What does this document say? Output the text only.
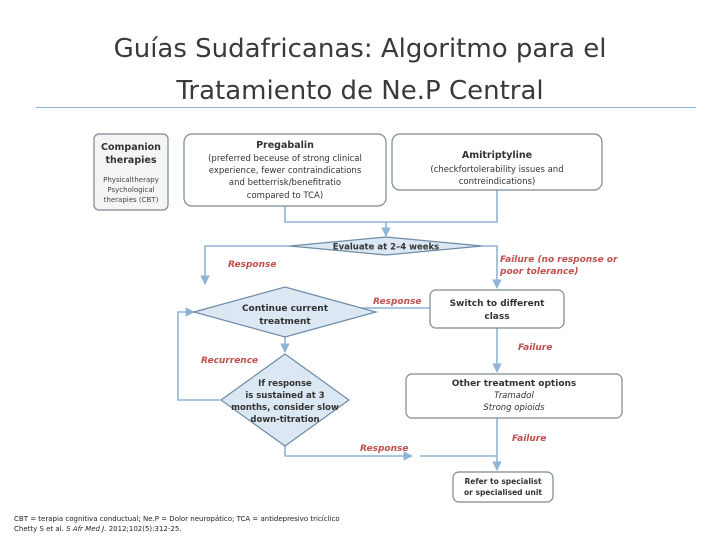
Guías Sudafricanas: Algoritmo para el
Tratamiento de Ne.P Central
Companion
therapies
Physicaltherapy
Psychological
therapies (CBT)
Pregabalin
(preferred beceuse of strong clinical
experience, fewer contraindications
and betterrisk/benefitratio
compared to TCA)
Amitriptyline
(checkfortolerability issues and
contreindications)
Evaluate at 2–4 weeks
Continue current
treatment
Switch to different
class
If response
is sustained at 3
months, consider slow
down-titration
Other treatment options
Tramadol
Strong opioids
Refer to specialist
or specialised unit
Response	Failure (no response or
poor tolerance)
Response
Failure
Recurrence
Failure
Response
CBT = terapia cognitiva conductual; Ne.P = Dolor neuropático; TCA = antidepresivo tricíclico
Chetty S et al. S Afr Med J. 2012;102(5):312-25.
